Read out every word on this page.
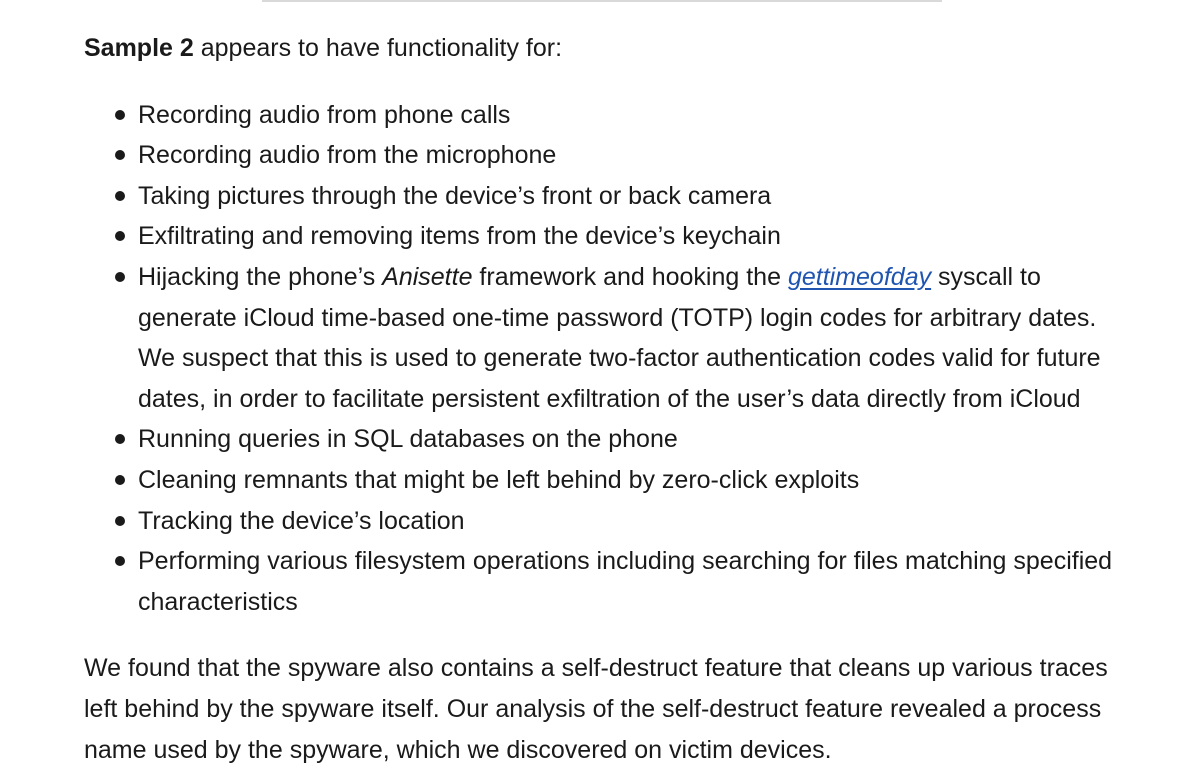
Sample 2 appears to have functionality for:

Recording audio from phone calls
Recording audio from the microphone
Taking pictures through the device’s front or back camera
Exfiltrating and removing items from the device’s keychain
Hijacking the phone’s Anisette framework and hooking the gettimeofday syscall to generate iCloud time-based one-time password (TOTP) login codes for arbitrary dates. We suspect that this is used to generate two-factor authentication codes valid for future dates, in order to facilitate persistent exfiltration of the user’s data directly from iCloud
Running queries in SQL databases on the phone
Cleaning remnants that might be left behind by zero-click exploits
Tracking the device’s location
Performing various filesystem operations including searching for files matching specified characteristics

We found that the spyware also contains a self-destruct feature that cleans up various traces left behind by the spyware itself. Our analysis of the self-destruct feature revealed a process name used by the spyware, which we discovered on victim devices.
